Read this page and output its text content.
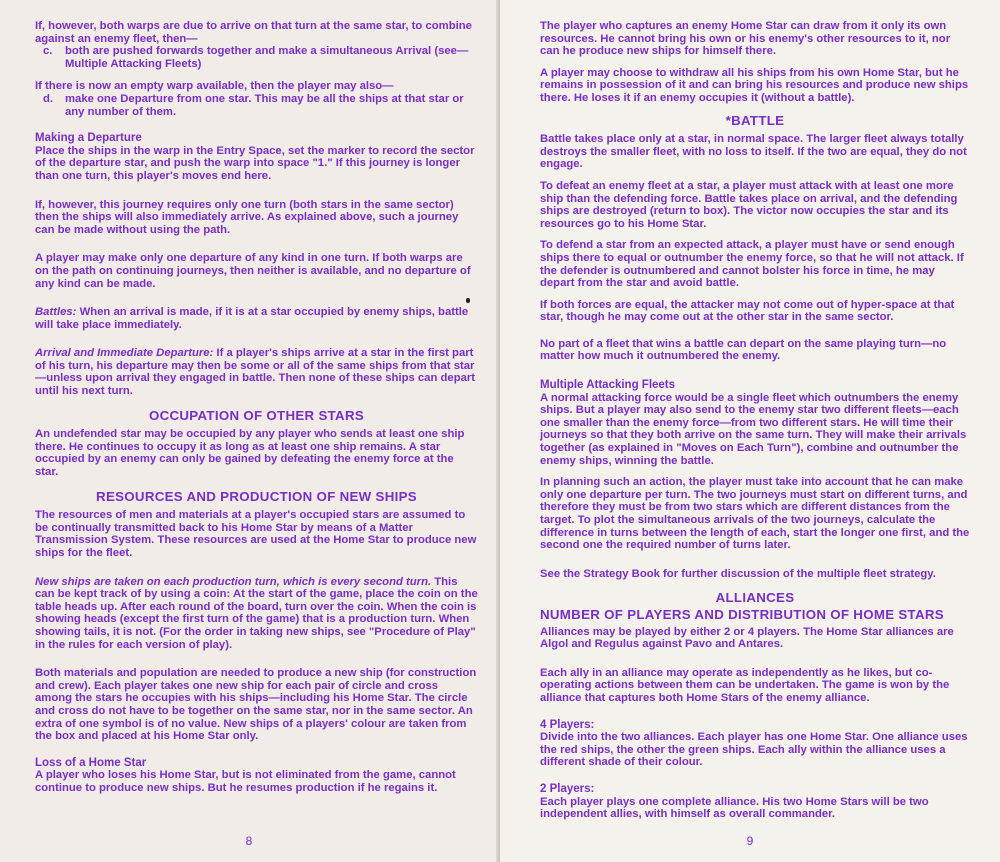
If, however, both warps are due to arrive on that turn at the same star, to combine against an enemy fleet, then—

c.	both are pushed forwards together and make a simultaneous Arrival (see—Multiple Attacking Fleets)

If there is now an empty warp available, then the player may also—

d.	make one Departure from one star. This may be all the ships at that star or any number of them.
Making a Departure

Place the ships in the warp in the Entry Space, set the marker to record the sector of the departure star, and push the warp into space "1." If this journey is longer than one turn, this player's moves end here.

If, however, this journey requires only one turn (both stars in the same sector) then the ships will also immediately arrive. As explained above, such a journey can be made without using the path.

A player may make only one departure of any kind in one turn. If both warps are on the path on continuing journeys, then neither is available, and no departure of any kind can be made.

Battles: When an arrival is made, if it is at a star occupied by enemy ships, battle will take place immediately.

Arrival and Immediate Departure: If a player's ships arrive at a star in the first part of his turn, his departure may then be some or all of the same ships from that star—unless upon arrival they engaged in battle. Then none of these ships can depart until his next turn.

OCCUPATION OF OTHER STARS

An undefended star may be occupied by any player who sends at least one ship there. He continues to occupy it as long as at least one ship remains. A star occupied by an enemy can only be gained by defeating the enemy force at the star.

RESOURCES AND PRODUCTION OF NEW SHIPS

The resources of men and materials at a player's occupied stars are assumed to be continually transmitted back to his Home Star by means of a Matter Transmission System. These resources are used at the Home Star to produce new ships for the fleet.

New ships are taken on each production turn, which is every second turn. This can be kept track of by using a coin: At the start of the game, place the coin on the table heads up. After each round of the board, turn over the coin. When the coin is showing heads (except the first turn of the game) that is a production turn. When showing tails, it is not. (For the order in taking new ships, see "Procedure of Play" in the rules for each version of play).

Both materials and population are needed to produce a new ship (for construction and crew). Each player takes one new ship for each pair of circle and cross among the stars he occupies with his ships—including his Home Star. The circle and cross do not have to be together on the same star, nor in the same sector. An extra of one symbol is of no value. New ships of a players' colour are taken from the box and placed at his Home Star only.

Loss of a Home Star

A player who loses his Home Star, but is not eliminated from the game, cannot continue to produce new ships. But he resumes production if he regains it.

8

The player who captures an enemy Home Star can draw from it only its own resources. He cannot bring his own or his enemy's other resources to it, nor can he produce new ships for himself there.

A player may choose to withdraw all his ships from his own Home Star, but he remains in possession of it and can bring his resources and produce new ships there. He loses it if an enemy occupies it (without a battle).

*BATTLE

Battle takes place only at a star, in normal space. The larger fleet always totally destroys the smaller fleet, with no loss to itself. If the two are equal, they do not engage.

To defeat an enemy fleet at a star, a player must attack with at least one more ship than the defending force. Battle takes place on arrival, and the defending ships are destroyed (return to box). The victor now occupies the star and its resources go to his Home Star.

To defend a star from an expected attack, a player must have or send enough ships there to equal or outnumber the enemy force, so that he will not attack. If the defender is outnumbered and cannot bolster his force in time, he may depart from the star and avoid battle.

If both forces are equal, the attacker may not come out of hyper-space at that star, though he may come out at the other star in the same sector.

No part of a fleet that wins a battle can depart on the same playing turn—no matter how much it outnumbered the enemy.

Multiple Attacking Fleets

A normal attacking force would be a single fleet which outnumbers the enemy ships. But a player may also send to the enemy star two different fleets—each one smaller than the enemy force—from two different stars. He will time their journeys so that they both arrive on the same turn. They will make their arrivals together (as explained in "Moves on Each Turn"), combine and outnumber the enemy ships, winning the battle.

In planning such an action, the player must take into account that he can make only one departure per turn. The two journeys must start on different turns, and therefore they must be from two stars which are different distances from the target. To plot the simultaneous arrivals of the two journeys, calculate the difference in turns between the length of each, start the longer one first, and the second one the required number of turns later.

See the Strategy Book for further discussion of the multiple fleet strategy.

ALLIANCES
NUMBER OF PLAYERS AND DISTRIBUTION OF HOME STARS

Alliances may be played by either 2 or 4 players. The Home Star alliances are Algol and Regulus against Pavo and Antares.

Each ally in an alliance may operate as independently as he likes, but co-operating actions between them can be undertaken. The game is won by the alliance that captures both Home Stars of the enemy alliance.

4 Players:

Divide into the two alliances. Each player has one Home Star. One alliance uses the red ships, the other the green ships. Each ally within the alliance uses a different shade of their colour.

2 Players:

Each player plays one complete alliance. His two Home Stars will be two independent allies, with himself as overall commander.

9
